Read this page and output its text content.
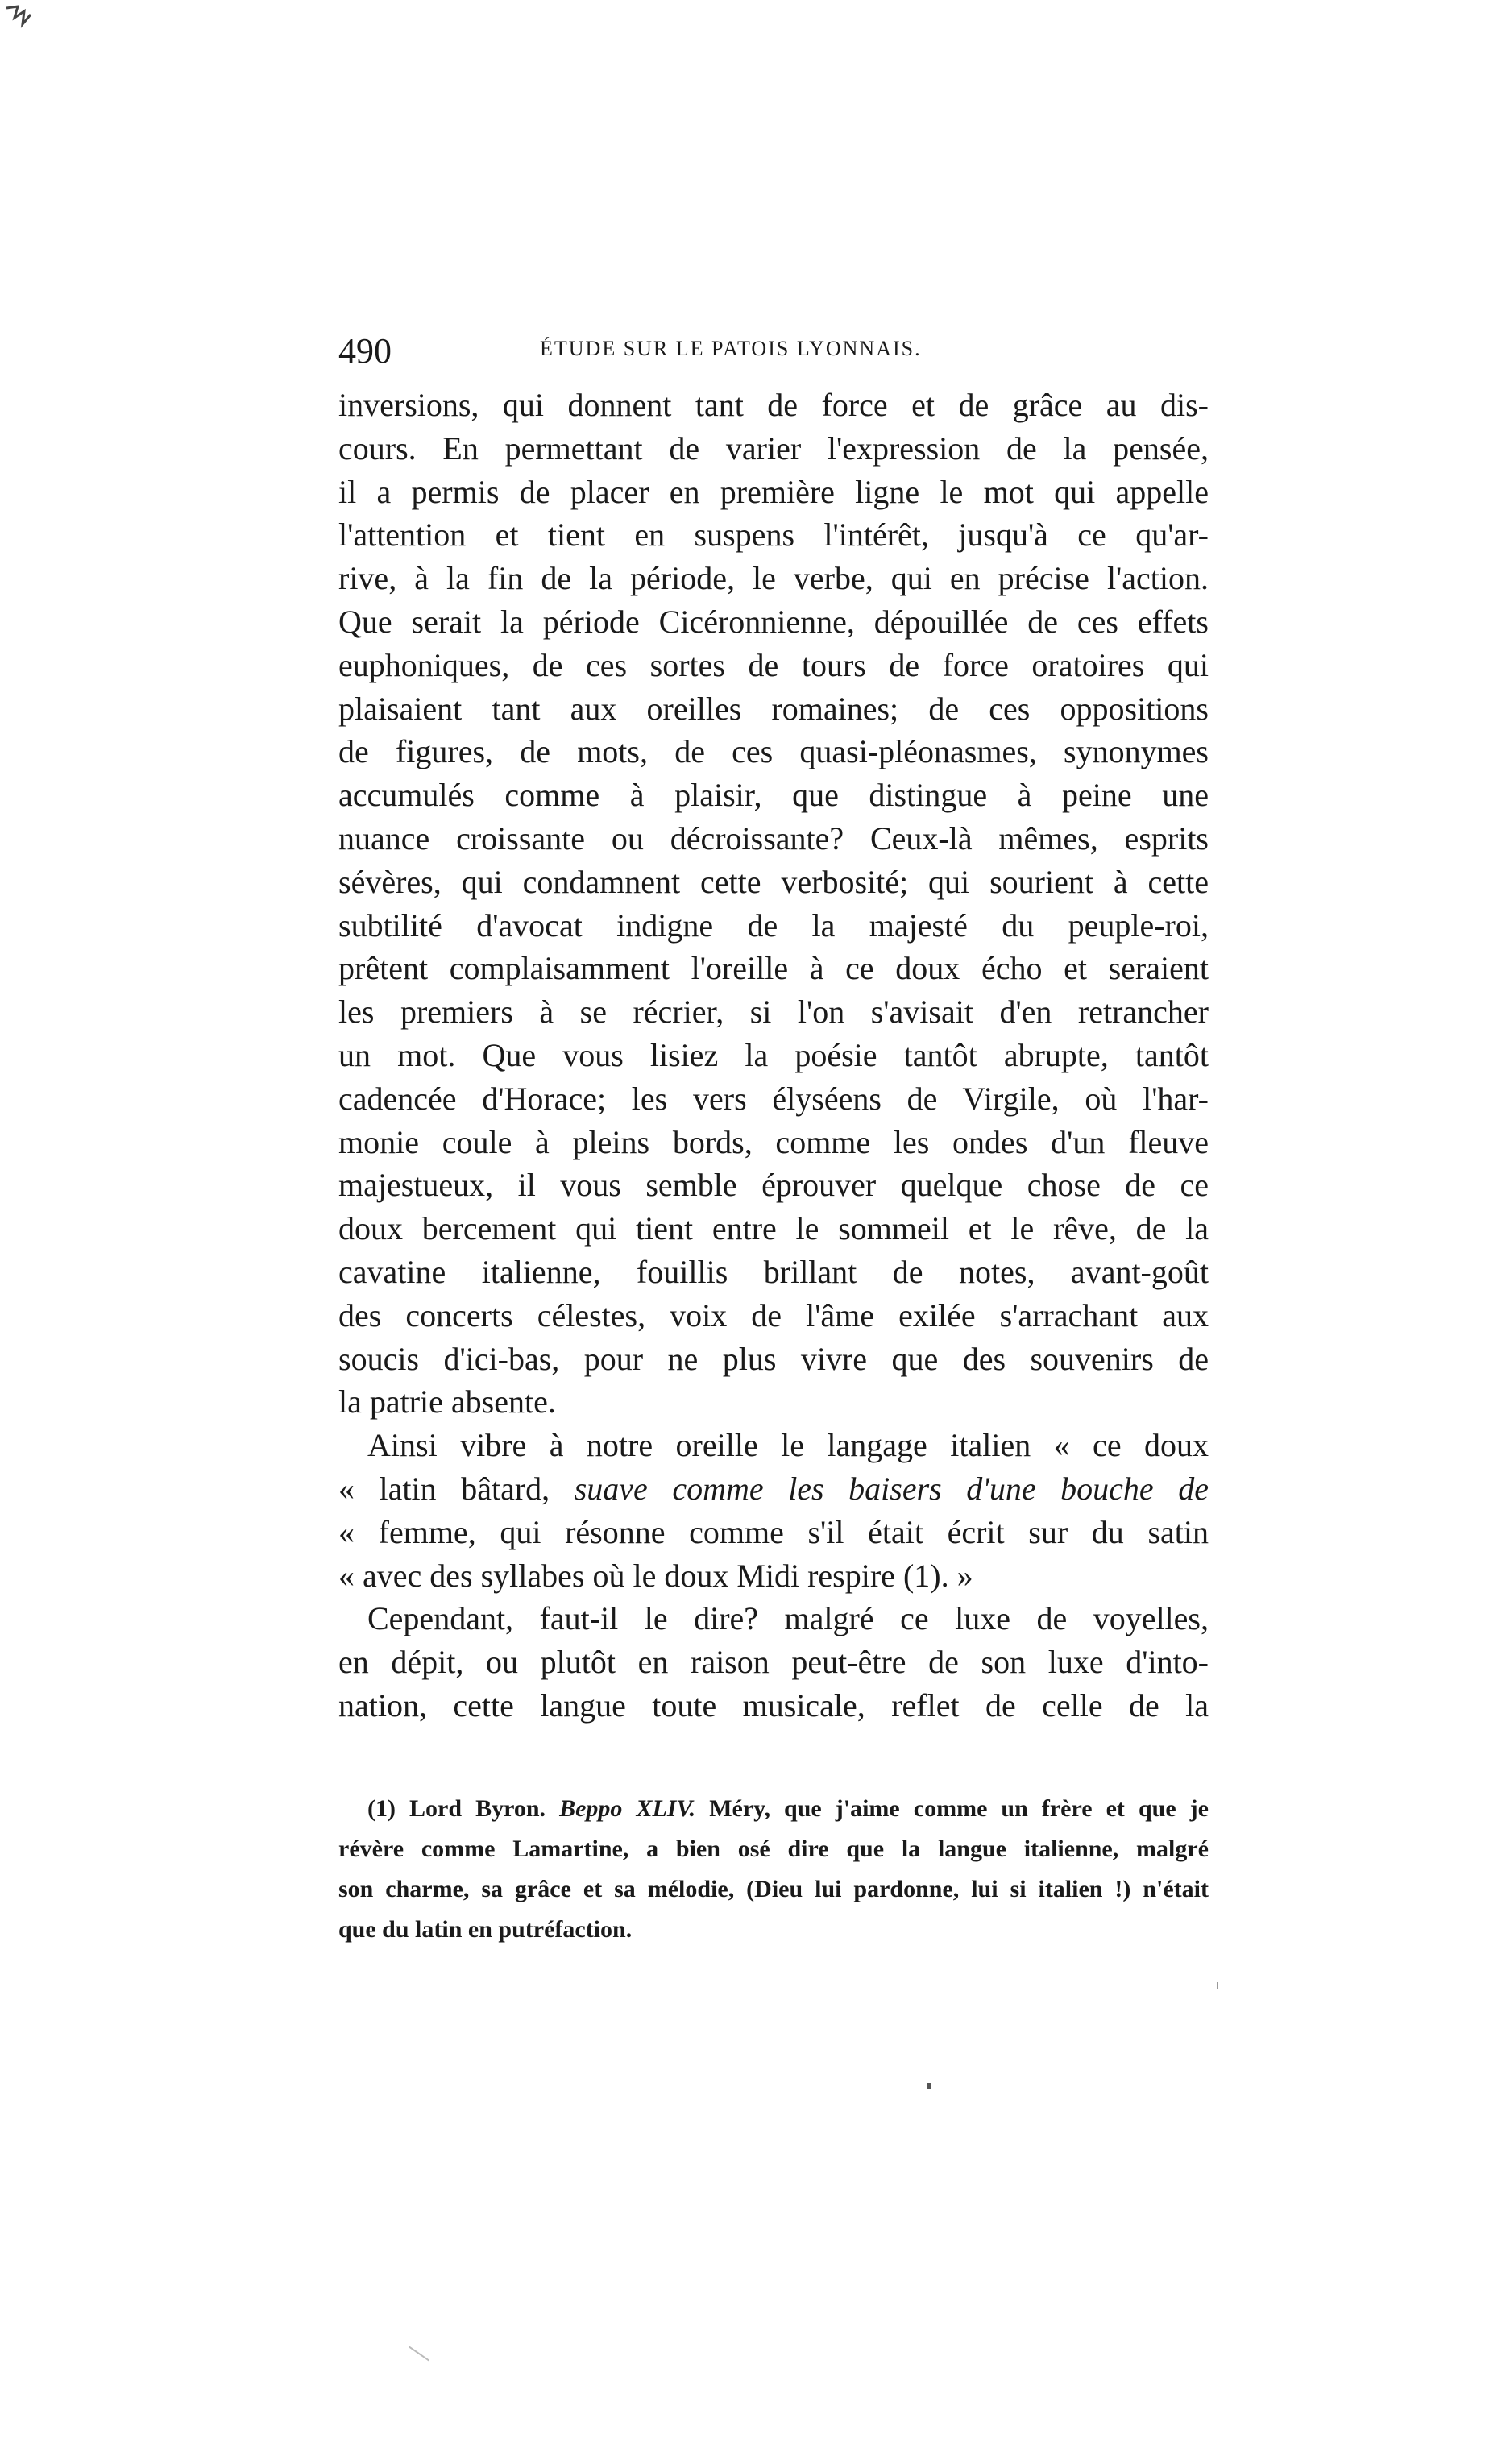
490	ÉTUDE SUR LE PATOIS LYONNAIS.
inversions, qui donnent tant de force et de grâce au dis-
cours. En permettant de varier l'expression de la pensée,
il a permis de placer en première ligne le mot qui appelle
l'attention et tient en suspens l'intérêt, jusqu'à ce qu'ar-
rive, à la fin de la période, le verbe, qui en précise l'action.
Que serait la période Cicéronnienne, dépouillée de ces effets
euphoniques, de ces sortes de tours de force oratoires qui
plaisaient tant aux oreilles romaines; de ces oppositions
de figures, de mots, de ces quasi-pléonasmes, synonymes
accumulés comme à plaisir, que distingue à peine une
nuance croissante ou décroissante? Ceux-là mêmes, esprits
sévères, qui condamnent cette verbosité; qui sourient à cette
subtilité d'avocat indigne de la majesté du peuple-roi,
prêtent complaisamment l'oreille à ce doux écho et seraient
les premiers à se récrier, si l'on s'avisait d'en retrancher
un mot. Que vous lisiez la poésie tantôt abrupte, tantôt
cadencée d'Horace; les vers élyséens de Virgile, où l'har-
monie coule à pleins bords, comme les ondes d'un fleuve
majestueux, il vous semble éprouver quelque chose de ce
doux bercement qui tient entre le sommeil et le rêve, de la
cavatine italienne, fouillis brillant de notes, avant-goût
des concerts célestes, voix de l'âme exilée s'arrachant aux
soucis d'ici-bas, pour ne plus vivre que des souvenirs de
la patrie absente.
Ainsi vibre à notre oreille le langage italien « ce doux
« latin bâtard, suave comme les baisers d'une bouche de
« femme, qui résonne comme s'il était écrit sur du satin
« avec des syllabes où le doux Midi respire (1). »
Cependant, faut-il le dire? malgré ce luxe de voyelles,
en dépit, ou plutôt en raison peut-être de son luxe d'into-
nation, cette langue toute musicale, reflet de celle de la
(1) Lord Byron. Beppo XLIV. Méry, que j'aime comme un frère et que je
révère comme Lamartine, a bien osé dire que la langue italienne, malgré
son charme, sa grâce et sa mélodie, (Dieu lui pardonne, lui si italien !) n'était
que du latin en putréfaction.
